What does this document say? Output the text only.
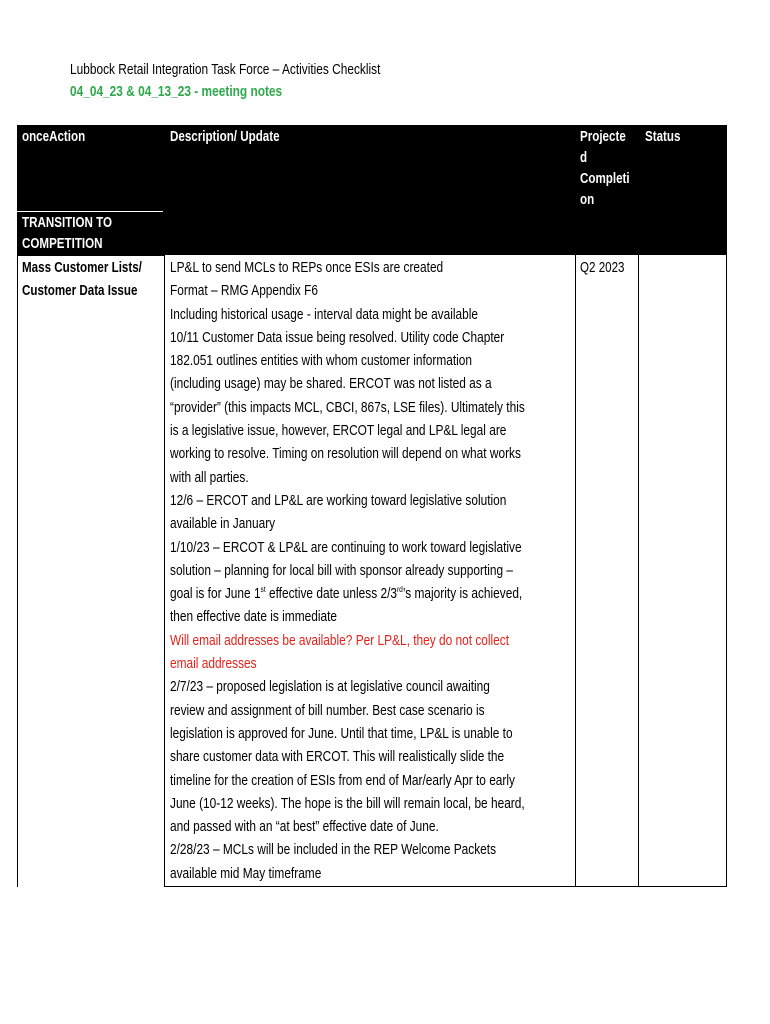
Lubbock Retail Integration Task Force – Activities Checklist
04_04_23 & 04_13_23 - meeting notes
onceAction	Description/ Update	Projecte
d
Completi
on
Status
TRANSITION TO
COMPETITION
Mass Customer Lists/
Customer Data Issue
Q2 2023
LP&L to send MCLs to REPs once ESIs are created
Format – RMG Appendix F6
Including historical usage - interval data might be available
10/11 Customer Data issue being resolved. Utility code Chapter
182.051 outlines entities with whom customer information
(including usage) may be shared. ERCOT was not listed as a
“provider” (this impacts MCL, CBCI, 867s, LSE files). Ultimately this
is a legislative issue, however, ERCOT legal and LP&L legal are
working to resolve. Timing on resolution will depend on what works
with all parties.
12/6 – ERCOT and LP&L are working toward legislative solution
available in January
1/10/23 – ERCOT & LP&L are continuing to work toward legislative
solution – planning for local bill with sponsor already supporting –
goal is for June 1st effective date unless 2/3rd’s majority is achieved,
then effective date is immediate
Will email addresses be available? Per LP&L, they do not collect
email addresses
2/7/23 – proposed legislation is at legislative council awaiting
review and assignment of bill number. Best case scenario is
legislation is approved for June. Until that time, LP&L is unable to
share customer data with ERCOT. This will realistically slide the
timeline for the creation of ESIs from end of Mar/early Apr to early
June (10-12 weeks). The hope is the bill will remain local, be heard,
and passed with an “at best” effective date of June.
2/28/23 – MCLs will be included in the REP Welcome Packets
available mid May timeframe
